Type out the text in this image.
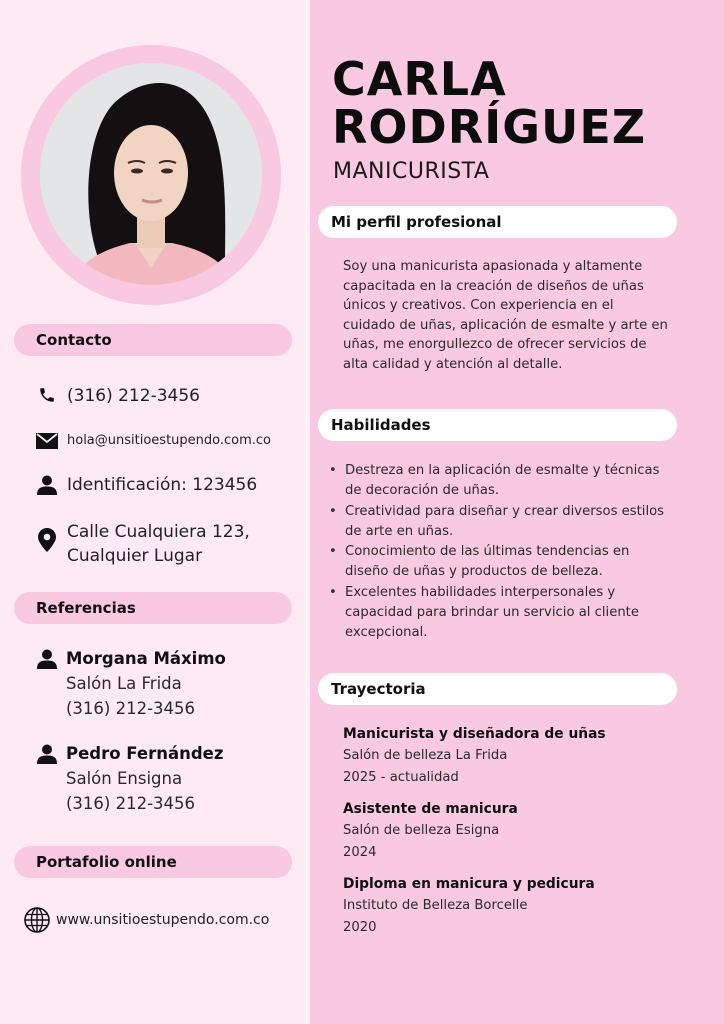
Contacto
(316) 212-3456
hola@unsitioestupendo.com.co
Identificación: 123456
Calle Cualquiera 123,
Cualquier Lugar
Referencias
Morgana Máximo
Salón La Frida
(316) 212-3456
Pedro Fernández
Salón Ensigna
(316) 212-3456
Portafolio online
www.unsitioestupendo.com.co
CARLA
RODRÍGUEZ
MANICURISTA
Mi perfil profesional

Soy una manicurista apasionada y altamente capacitada en la creación de diseños de uñas únicos y creativos. Con experiencia en el cuidado de uñas, aplicación de esmalte y arte en uñas, me enorgullezco de ofrecer servicios de alta calidad y atención al detalle.

Habilidades
• Destreza en la aplicación de esmalte y técnicas de decoración de uñas.
• Creatividad para diseñar y crear diversos estilos de arte en uñas.
• Conocimiento de las últimas tendencias en diseño de uñas y productos de belleza.
• Excelentes habilidades interpersonales y capacidad para brindar un servicio al cliente excepcional.
Trayectoria
Manicurista y diseñadora de uñas
Salón de belleza La Frida
2025 - actualidad
Asistente de manicura
Salón de belleza Esigna
2024
Diploma en manicura y pedicura
Instituto de Belleza Borcelle
2020
